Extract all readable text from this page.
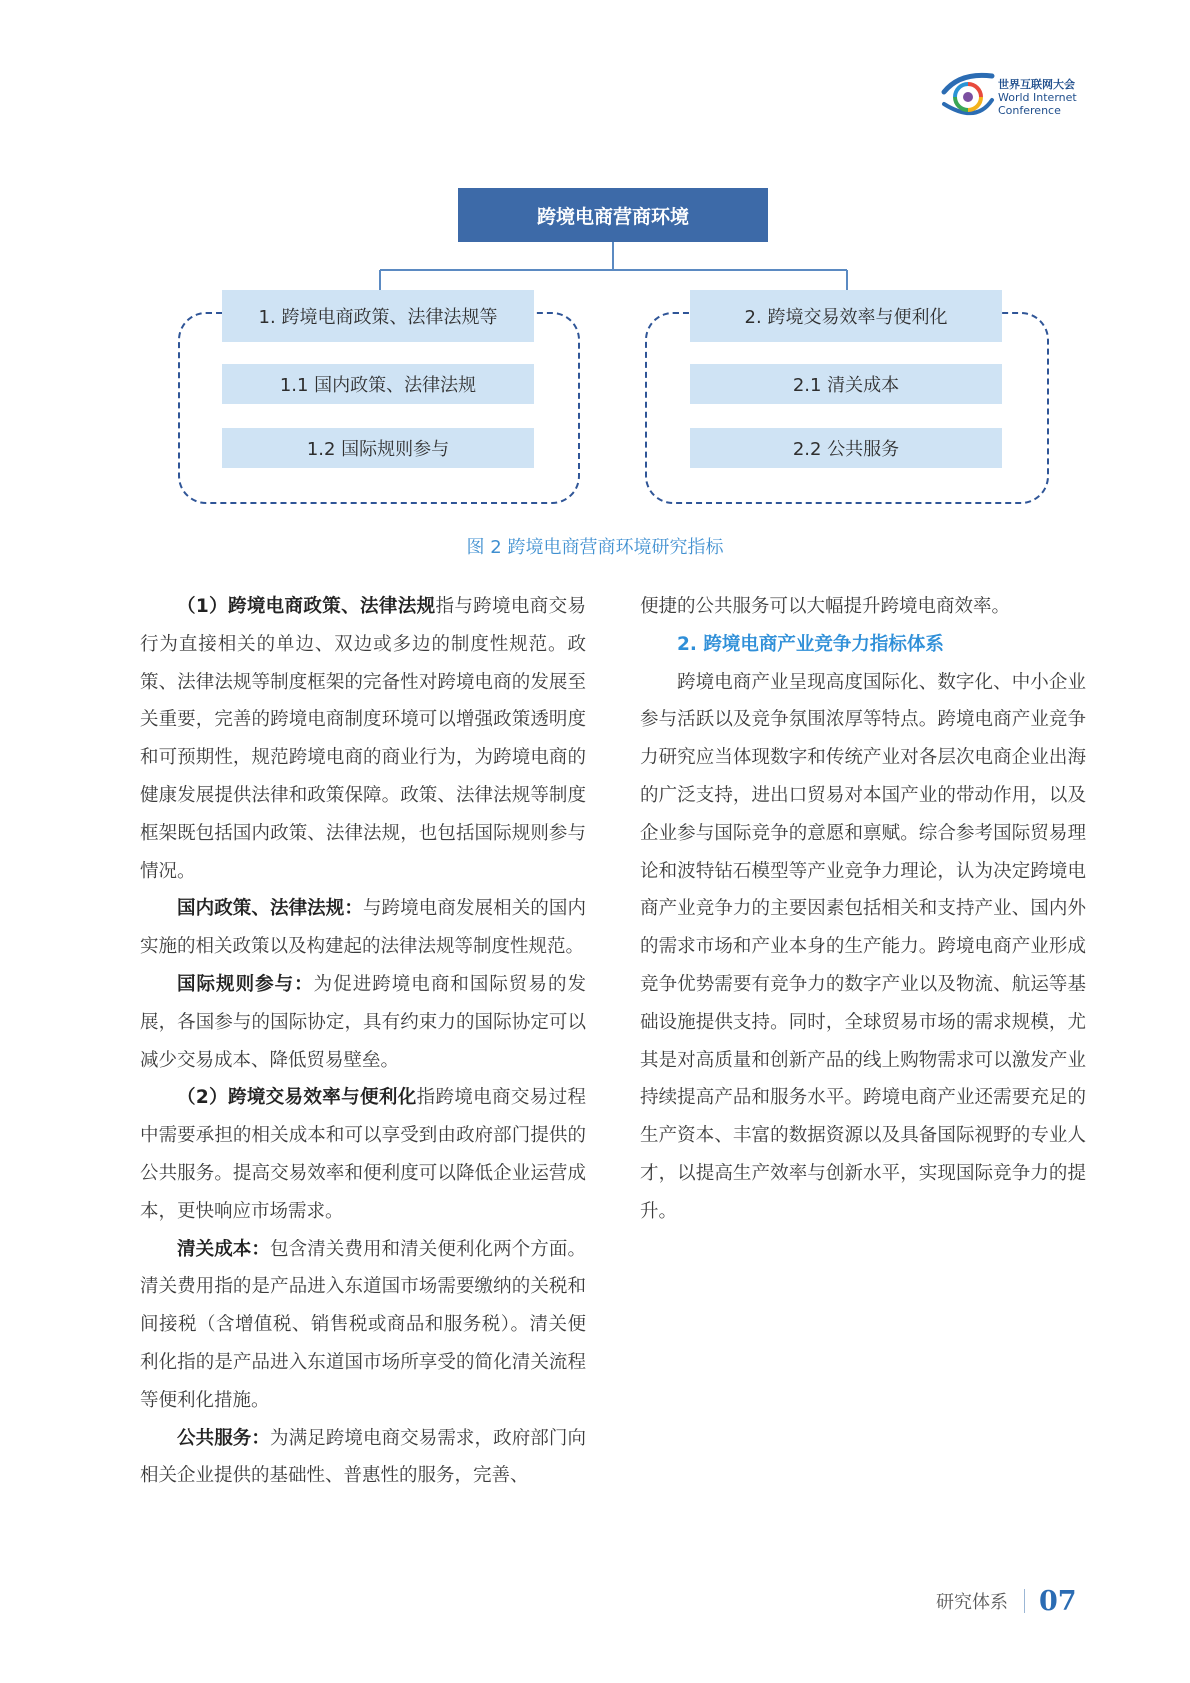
世界互联网大会
World Internet
Conference
跨境电商营商环境
1. 跨境电商政策、法律法规等
1.1 国内政策、法律法规
1.2 国际规则参与
2. 跨境交易效率与便利化
2.1 清关成本
2.2 公共服务
图 2 跨境电商营商环境研究指标

（1）跨境电商政策、法律法规指与跨境电商交易行为直接相关的单边、双边或多边的制度性规范。政策、法律法规等制度框架的完备性对跨境电商的发展至关重要，完善的跨境电商制度环境可以增强政策透明度和可预期性，规范跨境电商的商业行为，为跨境电商的健康发展提供法律和政策保障。政策、法律法规等制度框架既包括国内政策、法律法规，也包括国际规则参与情况。

国内政策、法律法规：与跨境电商发展相关的国内实施的相关政策以及构建起的法律法规等制度性规范。

国际规则参与：为促进跨境电商和国际贸易的发展，各国参与的国际协定，具有约束力的国际协定可以减少交易成本、降低贸易壁垒。

（2）跨境交易效率与便利化指跨境电商交易过程中需要承担的相关成本和可以享受到由政府部门提供的公共服务。提高交易效率和便利度可以降低企业运营成本，更快响应市场需求。

清关成本：包含清关费用和清关便利化两个方面。清关费用指的是产品进入东道国市场需要缴纳的关税和间接税（含增值税、销售税或商品和服务税）。清关便利化指的是产品进入东道国市场所享受的简化清关流程等便利化措施。

公共服务：为满足跨境电商交易需求，政府部门向相关企业提供的基础性、普惠性的服务，完善、

便捷的公共服务可以大幅提升跨境电商效率。

2. 跨境电商产业竞争力指标体系

跨境电商产业呈现高度国际化、数字化、中小企业参与活跃以及竞争氛围浓厚等特点。跨境电商产业竞争力研究应当体现数字和传统产业对各层次电商企业出海的广泛支持，进出口贸易对本国产业的带动作用，以及企业参与国际竞争的意愿和禀赋。综合参考国际贸易理论和波特钻石模型等产业竞争力理论，认为决定跨境电商产业竞争力的主要因素包括相关和支持产业、国内外的需求市场和产业本身的生产能力。跨境电商产业形成竞争优势需要有竞争力的数字产业以及物流、航运等基础设施提供支持。同时，全球贸易市场的需求规模，尤其是对高质量和创新产品的线上购物需求可以激发产业持续提高产品和服务水平。跨境电商产业还需要充足的生产资本、丰富的数据资源以及具备国际视野的专业人才，以提高生产效率与创新水平，实现国际竞争力的提升。

研究体系 07
